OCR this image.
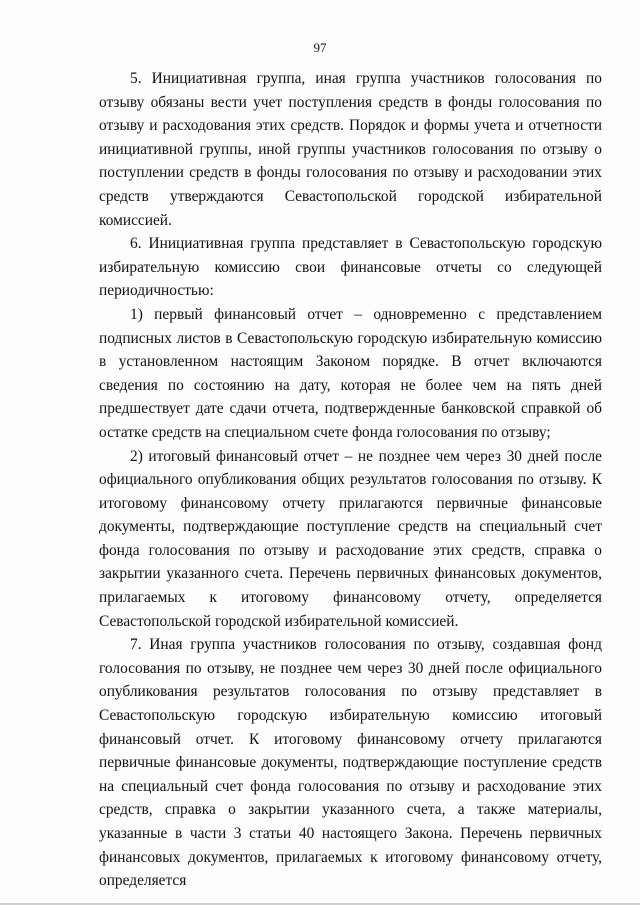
97

5. Инициативная группа, иная группа участников голосования по отзыву обязаны вести учет поступления средств в фонды голосования по отзыву и расходования этих средств. Порядок и формы учета и отчетности инициативной группы, иной группы участников голосования по отзыву о поступлении средств в фонды голосования по отзыву и расходовании этих средств утверждаются Севастопольской городской избирательной комиссией.

6. Инициативная группа представляет в Севастопольскую городскую избирательную комиссию свои финансовые отчеты со следующей периодичностью:

1) первый финансовый отчет – одновременно с представлением подписных листов в Севастопольскую городскую избирательную комиссию в установленном настоящим Законом порядке. В отчет включаются сведения по состоянию на дату, которая не более чем на пять дней предшествует дате сдачи отчета, подтвержденные банковской справкой об остатке средств на специальном счете фонда голосования по отзыву;

2) итоговый финансовый отчет – не позднее чем через 30 дней после официального опубликования общих результатов голосования по отзыву. К итоговому финансовому отчету прилагаются первичные финансовые документы, подтверждающие поступление средств на специальный счет фонда голосования по отзыву и расходование этих средств, справка о закрытии указанного счета. Перечень первичных финансовых документов, прилагаемых к итоговому финансовому отчету, определяется Севастопольской городской избирательной комиссией.

7. Иная группа участников голосования по отзыву, создавшая фонд голосования по отзыву, не позднее чем через 30 дней после официального опубликования результатов голосования по отзыву представляет в Севастопольскую городскую избирательную комиссию итоговый финансовый отчет. К итоговому финансовому отчету прилагаются первичные финансовые документы, подтверждающие поступление средств на специальный счет фонда голосования по отзыву и расходование этих средств, справка о закрытии указанного счета, а также материалы, указанные в части 3 статьи 40 настоящего Закона. Перечень первичных финансовых документов, прилагаемых к итоговому финансовому отчету, определяется
